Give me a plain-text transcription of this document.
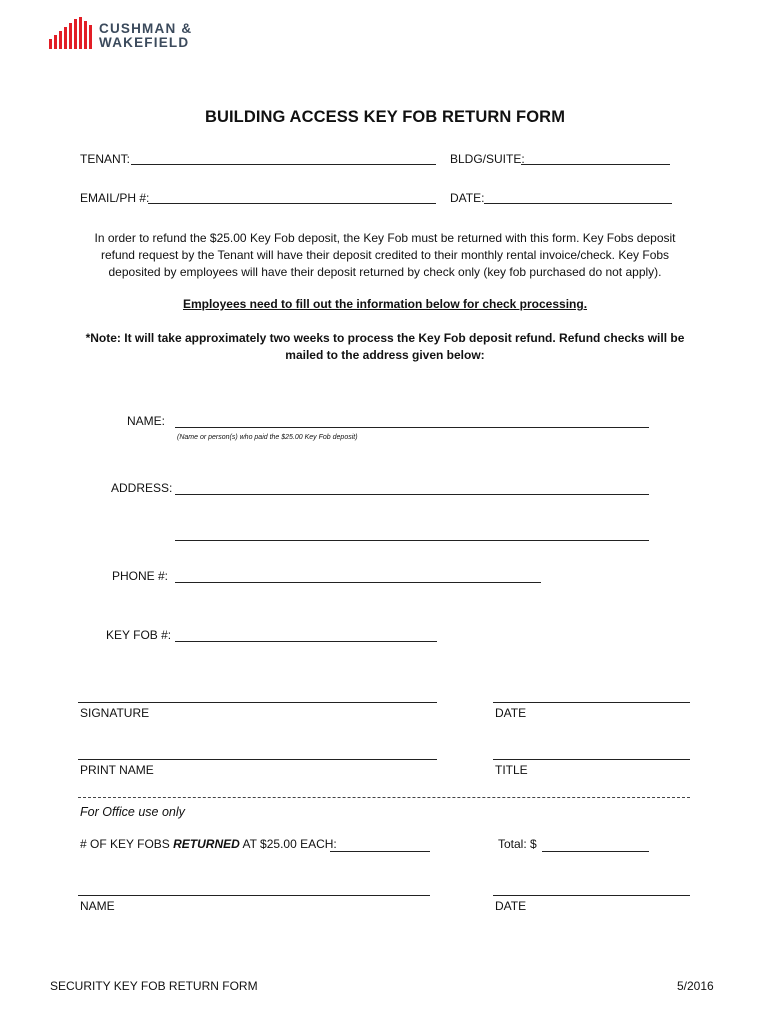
CUSHMAN &
WAKEFIELD
BUILDING ACCESS KEY FOB RETURN FORM
TENANT:	BLDG/SUITE:
EMAIL/PH #:	DATE:
In order to refund the $25.00 Key Fob deposit, the Key Fob must be returned with this form. Key Fobs deposit
refund request by the Tenant will have their deposit credited to their monthly rental invoice/check. Key Fobs
deposited by employees will have their deposit returned by check only (key fob purchased do not apply).
Employees need to fill out the information below for check processing.
*Note: It will take approximately two weeks to process the Key Fob deposit refund. Refund checks will be
mailed to the address given below:
NAME:
(Name or person(s) who paid the $25.00 Key Fob deposit)
ADDRESS:
PHONE #:
KEY FOB #:
SIGNATURE	DATE
PRINT NAME	TITLE
For Office use only
# OF KEY FOBS RETURNED AT $25.00 EACH:	Total: $
NAME	DATE
SECURITY KEY FOB RETURN FORM	5/2016
